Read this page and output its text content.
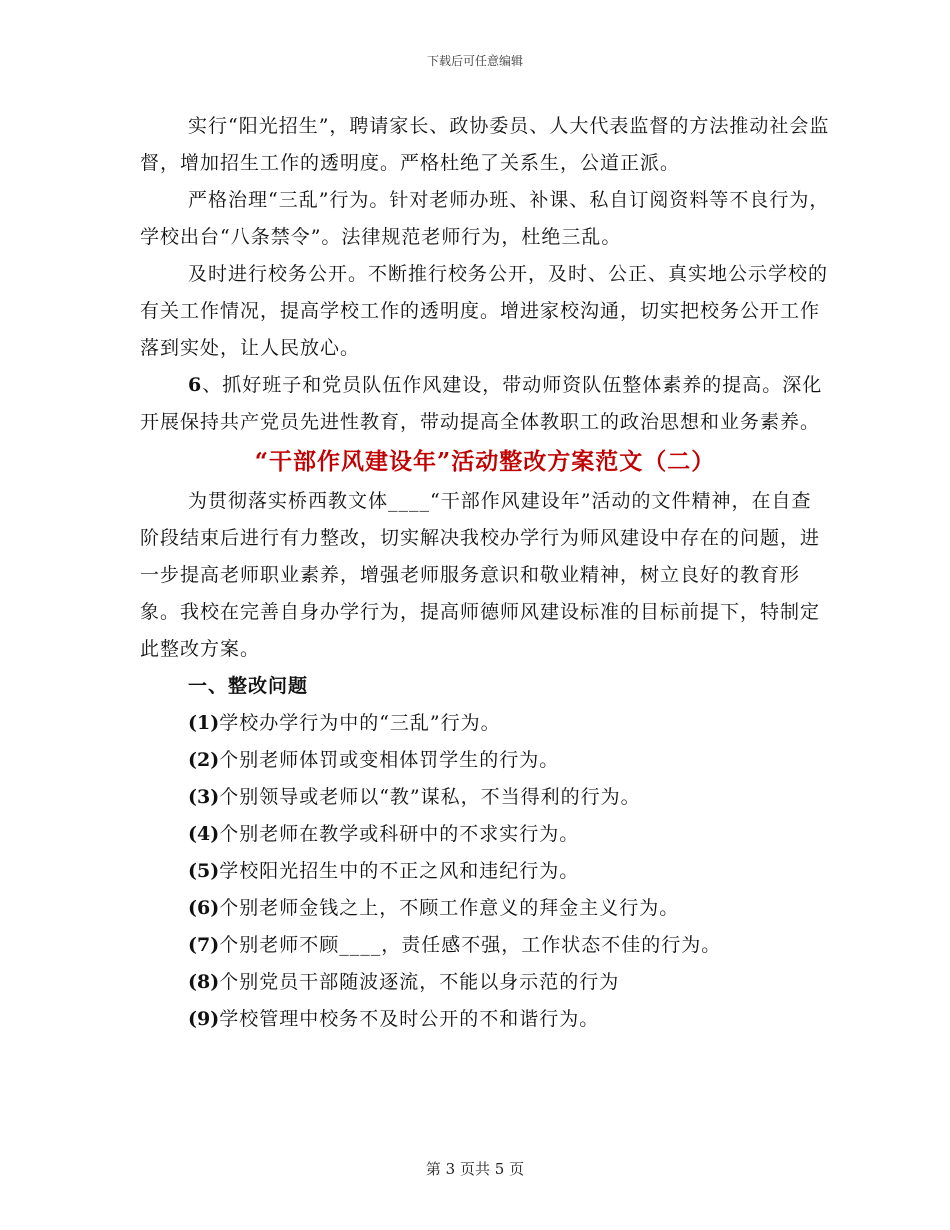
下载后可任意编辑

实行“阳光招生”，聘请家长、政协委员、人大代表监督的方法推动社会监督，增加招生工作的透明度。严格杜绝了关系生，公道正派。

严格治理“三乱”行为。针对老师办班、补课、私自订阅资料等不良行为，学校出台“八条禁令”。法律规范老师行为，杜绝三乱。

及时进行校务公开。不断推行校务公开，及时、公正、真实地公示学校的有关工作情况，提高学校工作的透明度。增进家校沟通，切实把校务公开工作落到实处，让人民放心。

6、抓好班子和党员队伍作风建设，带动师资队伍整体素养的提高。深化开展保持共产党员先进性教育，带动提高全体教职工的政治思想和业务素养。

“干部作风建设年”活动整改方案范文（二）

为贯彻落实桥西教文体____“干部作风建设年”活动的文件精神，在自查阶段结束后进行有力整改，切实解决我校办学行为师风建设中存在的问题，进一步提高老师职业素养，增强老师服务意识和敬业精神，树立良好的教育形象。我校在完善自身办学行为，提高师德师风建设标准的目标前提下，特制定此整改方案。

一、整改问题

(1)学校办学行为中的“三乱”行为。

(2)个别老师体罚或变相体罚学生的行为。

(3)个别领导或老师以“教”谋私，不当得利的行为。

(4)个别老师在教学或科研中的不求实行为。

(5)学校阳光招生中的不正之风和违纪行为。

(6)个别老师金钱之上，不顾工作意义的拜金主义行为。

(7)个别老师不顾____，责任感不强，工作状态不佳的行为。

(8)个别党员干部随波逐流，不能以身示范的行为

(9)学校管理中校务不及时公开的不和谐行为。

第 3 页共 5 页
